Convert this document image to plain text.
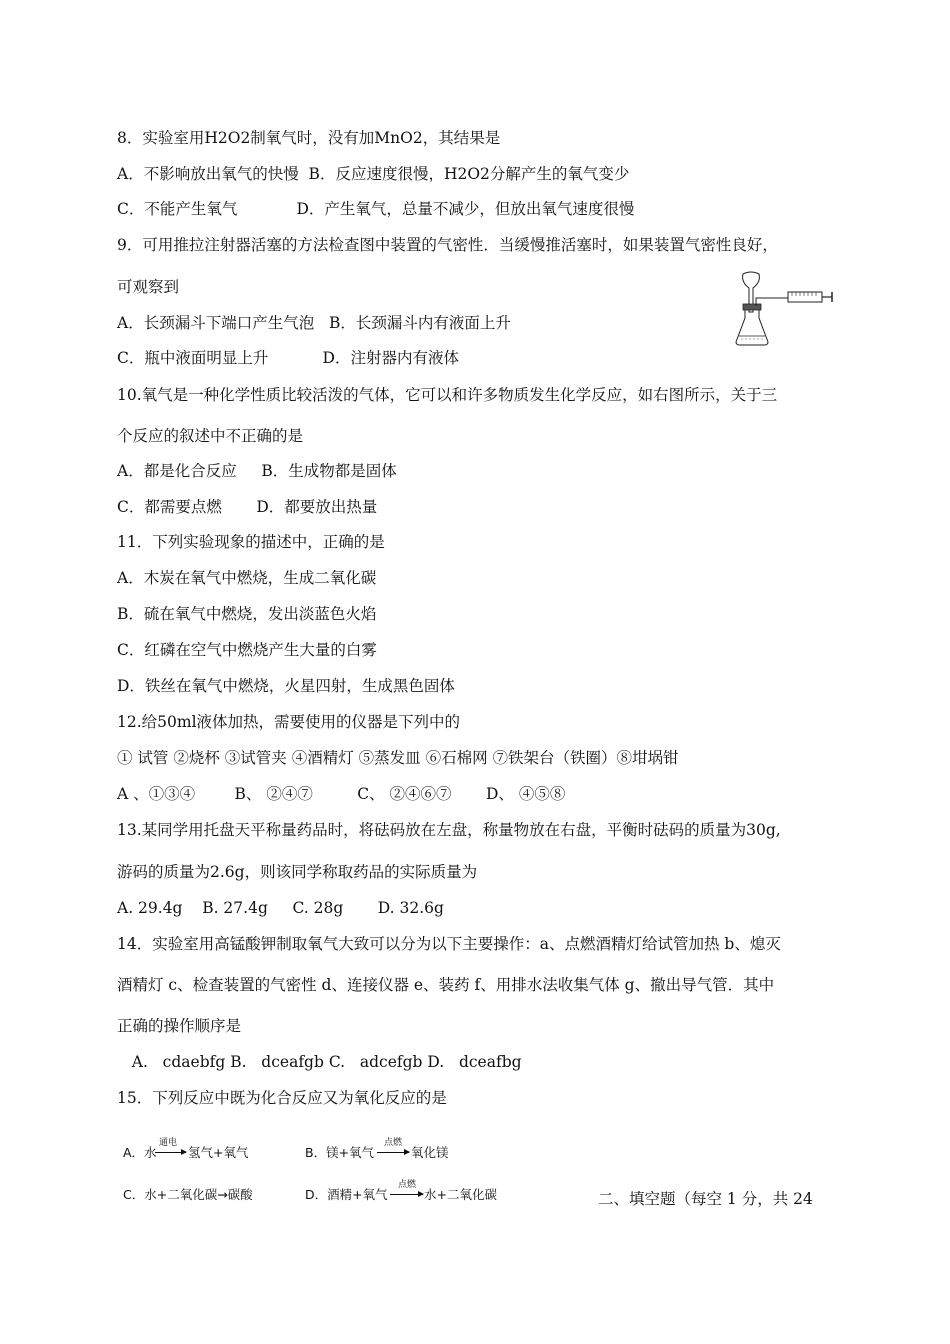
8．实验室用H2O2制氧气时，没有加MnO2，其结果是
A．不影响放出氧气的快慢  B．反应速度很慢，H2O2分解产生的氧气变少
C．不能产生氧气            D．产生氧气，总量不减少，但放出氧气速度很慢
9．可用推拉注射器活塞的方法检查图中装置的气密性．当缓慢推活塞时，如果装置气密性良好，
可观察到
A．长颈漏斗下端口产生气泡   B．长颈漏斗内有液面上升
C．瓶中液面明显上升           D．注射器内有液体
10.氧气是一种化学性质比较活泼的气体，它可以和许多物质发生化学反应，如右图所示，关于三
个反应的叙述中不正确的是
A．都是化合反应     B．生成物都是固体
C．都需要点燃       D．都要放出热量
11．下列实验现象的描述中，正确的是
A．木炭在氧气中燃烧，生成二氧化碳
B．硫在氧气中燃烧，发出淡蓝色火焰
C．红磷在空气中燃烧产生大量的白雾
D．铁丝在氧气中燃烧，火星四射，生成黑色固体
12.给50ml液体加热，需要使用的仪器是下列中的
① 试管 ②烧杯 ③试管夹 ④酒精灯 ⑤蒸发皿 ⑥石棉网 ⑦铁架台（铁圈）⑧坩埚钳
A 、①③④        B、 ②④⑦         C、 ②④⑥⑦       D、 ④⑤⑧
13.某同学用托盘天平称量药品时，将砝码放在左盘，称量物放在右盘，平衡时砝码的质量为30g,
游码的质量为2.6g，则该同学称取药品的实际质量为
A. 29.4g    B. 27.4g     C. 28g       D. 32.6g
14．实验室用高锰酸钾制取氧气大致可以分为以下主要操作：a、点燃酒精灯给试管加热 b、熄灭
酒精灯 c、检查装置的气密性 d、连接仪器 e、装药 f、用排水法收集气体 g、撤出导气管．其中
正确的操作顺序是
A.   cdaebfg B.   dceafgb C.   adcefgb D.   dceafbg
15．下列反应中既为化合反应又为氧化反应的是
A．水
通电
氢气+氧气	B．镁+氧气
点燃
氧化镁
C．水+二氧化碳→碳酸	D．酒精+氧气
点燃
水+二氧化碳	二、填空题（每空 1 分，共 24
